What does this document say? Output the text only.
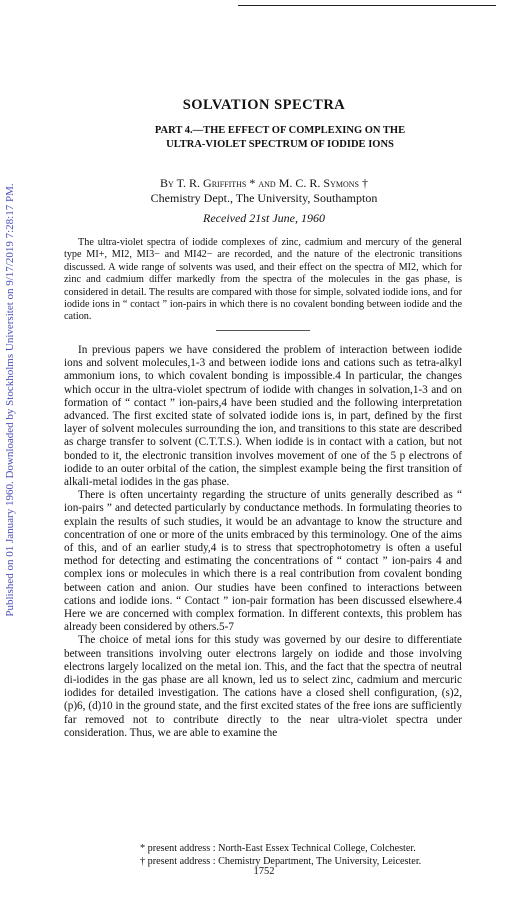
Published on 01 January 1960. Downloaded by Stockholms Universitet on 9/17/2019 7:28:17 PM.
SOLVATION SPECTRA
PART 4.—THE EFFECT OF COMPLEXING ON THE
ULTRA-VIOLET SPECTRUM OF IODIDE IONS
By T. R. Griffiths * and M. C. R. Symons †
Chemistry Dept., The University, Southampton
Received 21st June, 1960

The ultra-violet spectra of iodide complexes of zinc, cadmium and mercury of the general type MI+, MI2, MI3− and MI42− are recorded, and the nature of the electronic transitions discussed. A wide range of solvents was used, and their effect on the spectra of MI2, which for zinc and cadmium differ markedly from the spectra of the molecules in the gas phase, is considered in detail. The results are compared with those for simple, solvated iodide ions, and for iodide ions in “ contact ” ion-pairs in which there is no covalent bonding between iodide and the cation.

In previous papers we have considered the problem of interaction between iodide ions and solvent molecules,1-3 and between iodide ions and cations such as tetra-alkyl ammonium ions, to which covalent bonding is impossible.4 In particular, the changes which occur in the ultra-violet spectrum of iodide with changes in solvation,1-3 and on formation of “ contact ” ion-pairs,4 have been studied and the following interpretation advanced. The first excited state of solvated iodide ions is, in part, defined by the first layer of solvent molecules surrounding the ion, and transitions to this state are described as charge transfer to solvent (C.T.T.S.). When iodide is in contact with a cation, but not bonded to it, the electronic transition involves movement of one of the 5 p electrons of iodide to an outer orbital of the cation, the simplest example being the first transition of alkali-metal iodides in the gas phase.

There is often uncertainty regarding the structure of units generally described as “ ion-pairs ” and detected particularly by conductance methods. In formulating theories to explain the results of such studies, it would be an advantage to know the structure and concentration of one or more of the units embraced by this terminology. One of the aims of this, and of an earlier study,4 is to stress that spectrophotometry is often a useful method for detecting and estimating the concentrations of “ contact ” ion-pairs 4 and complex ions or molecules in which there is a real contribution from covalent bonding between cation and anion. Our studies have been confined to interactions between cations and iodide ions. “ Contact ” ion-pair formation has been discussed elsewhere.4 Here we are concerned with complex formation. In different contexts, this problem has already been considered by others.5-7

The choice of metal ions for this study was governed by our desire to differentiate between transitions involving outer electrons largely on iodide and those involving electrons largely localized on the metal ion. This, and the fact that the spectra of neutral di-iodides in the gas phase are all known, led us to select zinc, cadmium and mercuric iodides for detailed investigation. The cations have a closed shell configuration, (s)2, (p)6, (d)10 in the ground state, and the first excited states of the free ions are sufficiently far removed not to contribute directly to the near ultra-violet spectra under consideration. Thus, we are able to examine the

* present address : North-East Essex Technical College, Colchester.
† present address : Chemistry Department, The University, Leicester.
1752
